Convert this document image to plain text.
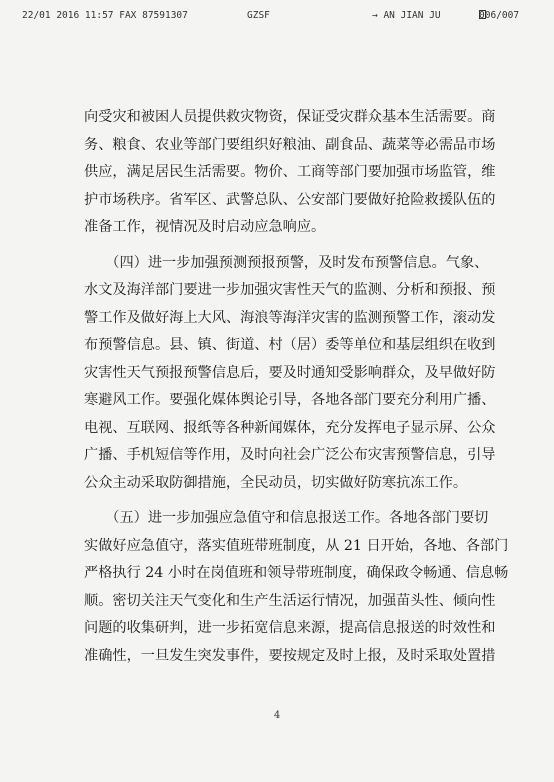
22/01 2016 11:57 FAX 87591307	GZSF	→ AN JIAN JU	006/007
向受灾和被困人员提供救灾物资，保证受灾群众基本生活需要。商
务、粮食、农业等部门要组织好粮油、副食品、蔬菜等必需品市场
供应，满足居民生活需要。物价、工商等部门要加强市场监管，维
护市场秩序。省军区、武警总队、公安部门要做好抢险救援队伍的
准备工作，视情况及时启动应急响应。
　　（四）进一步加强预测预报预警，及时发布预警信息。气象、
水文及海洋部门要进一步加强灾害性天气的监测、分析和预报、预
警工作及做好海上大风、海浪等海洋灾害的监测预警工作，滚动发
布预警信息。县、镇、街道、村（居）委等单位和基层组织在收到
灾害性天气预报预警信息后，要及时通知受影响群众，及早做好防
寒避风工作。要强化媒体舆论引导，各地各部门要充分利用广播、
电视、互联网、报纸等各种新闻媒体，充分发挥电子显示屏、公众
广播、手机短信等作用，及时向社会广泛公布灾害预警信息，引导
公众主动采取防御措施，全民动员，切实做好防寒抗冻工作。
　　（五）进一步加强应急值守和信息报送工作。各地各部门要切
实做好应急值守，落实值班带班制度，从 21 日开始，各地、各部门
严格执行 24 小时在岗值班和领导带班制度，确保政令畅通、信息畅
顺。密切关注天气变化和生产生活运行情况，加强苗头性、倾向性
问题的收集研判，进一步拓宽信息来源，提高信息报送的时效性和
准确性，一旦发生突发事件，要按规定及时上报，及时采取处置措
4
